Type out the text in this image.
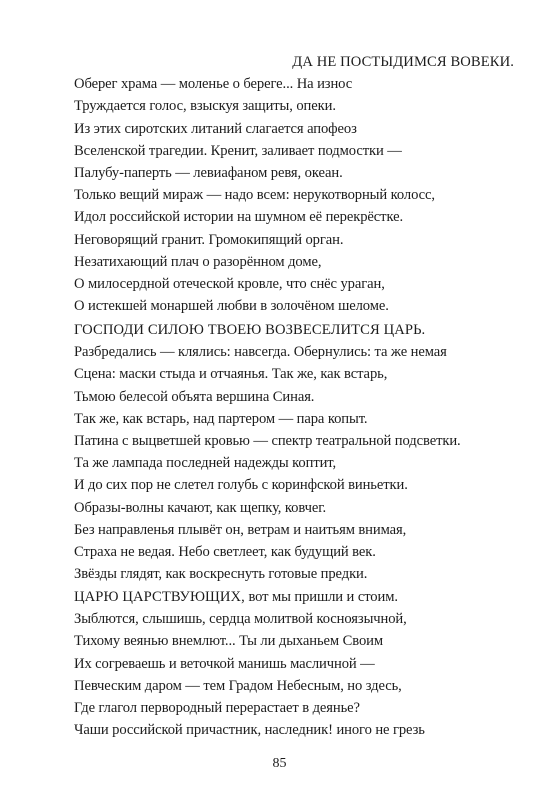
ДА НЕ ПОСТЫДИМСЯ ВОВЕКИ.
Оберег храма — моленье о береге... На износ
Труждается голос, взыскуя защиты, опеки.
Из этих сиротских литаний слагается апофеоз
Вселенской трагедии. Кренит, заливает подмостки —
Палубу-паперть — левиафаном ревя, океан.
Только вещий мираж — надо всем: нерукотворный колосс,
Идол российской истории на шумном её перекрёстке.
Неговорящий гранит. Громокипящий орган.
Незатихающий плач о разорённом доме,
О милосердной отеческой кровле, что снёс ураган,
О истекшей монаршей любви в золочёном шеломе.
ГОСПОДИ СИЛОЮ ТВОЕЮ ВОЗВЕСЕЛИТСЯ ЦАРЬ.
Разбредались — клялись: навсегда. Обернулись: та же немая
Сцена: маски стыда и отчаянья. Так же, как встарь,
Тьмою белесой объята вершина Синая.
Так же, как встарь, над партером — пара копыт.
Патина с выцветшей кровью — спектр театральной подсветки.
Та же лампада последней надежды коптит,
И до сих пор не слетел голубь с коринфской виньетки.
Образы-волны качают, как щепку, ковчег.
Без направленья плывёт он, ветрам и наитьям внимая,
Страха не ведая. Небо светлеет, как будущий век.
Звёзды глядят, как воскреснуть готовые предки.
ЦАРЮ ЦАРСТВУЮЩИХ, вот мы пришли и стоим.
Зыблются, слышишь, сердца молитвой косноязычной,
Тихому веянью внемлют... Ты ли дыханьем Своим
Их согреваешь и веточкой манишь масличной —
Певческим даром — тем Градом Небесным, но здесь,
Где глагол первородный перерастает в деянье?
Чаши российской причастник, наследник! иного не грезь
85
